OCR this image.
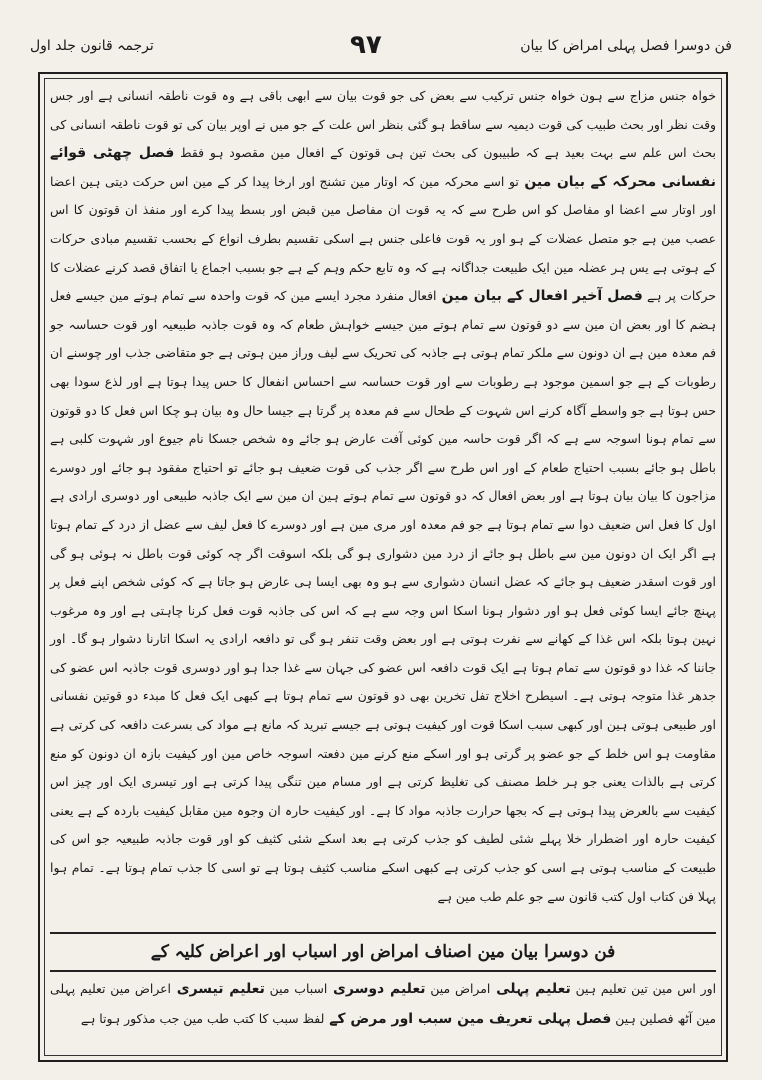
ترجمہ قانون جلد اول	۹۷	فن دوسرا فصل پہلی امراض کا بیان
خواہ جنس مزاج سے ہون خواہ جنس ترکیب سے بعض کی جو قوت بیان سے ابھی باقی ہے وہ قوت ناطقہ انسانی ہے اور جس وقت نظر اور بحث طبیب کی قوت دیمیہ سے ساقط ہو گئی بنظر اس علت کے جو میں نے اوپر بیان کی تو قوت ناطقہ انسانی کی بحث اس علم سے بہت بعید ہے کہ طبیبون کی بحث تین ہی قوتون کے افعال مین مقصود ہو فقط فصل چھٹی قوائے نفسانی محرکہ کے بیان مین تو اسے محرکہ مین کہ اوتار مین تشنج اور ارخا پیدا کر کے مین اس حرکت دیتی ہین اعضا اور اوتار سے اعضا او مفاصل کو اس طرح سے کہ یہ قوت ان مفاصل مین قبض اور بسط پیدا کرے اور منفذ ان قوتون کا اس عصب مین ہے جو متصل عضلات کے ہو اور یہ قوت فاعلی جنس ہے اسکی تقسیم بطرف انواع کے بحسب تقسیم مبادی حرکات کے ہوتی ہے یس ہر عضلہ مین ایک طبیعت جداگانہ ہے کہ وہ تابع حکم وہم کے ہے جو بسبب اجماع یا اتفاق قصد کرنے عضلات کا حرکات پر ہے فصل آخیر افعال کے بیان مین افعال منفرد مجرد ایسے مین کہ قوت واحدہ سے تمام ہوتے مین جیسے فعل ہضم کا اور بعض ان مین سے دو قوتون سے تمام ہوتے مین جیسے خواہش طعام کہ وہ قوت جاذبہ طبیعیہ اور قوت حساسہ جو فم معدہ مین ہے ان دونون سے ملکر تمام ہوتی ہے جاذبہ کی تحریک سے لیف وراز مین ہوتی ہے جو متقاضی جذب اور چوسنے ان رطوبات کے ہے جو اسمین موجود ہے رطوبات سے اور قوت حساسہ سے احساس انفعال کا حس پیدا ہوتا ہے اور لذع سودا بھی حس ہوتا ہے جو واسطے آگاہ کرنے اس شہوت کے طحال سے فم معدہ پر گرتا ہے جیسا حال وہ بیان ہو چکا اس فعل کا دو قوتون سے تمام ہونا اسوجہ سے ہے کہ اگر قوت حاسہ مین کوئی آفت عارض ہو جائے وہ شخص جسکا نام جیوع اور شہوت کلبی ہے باطل ہو جائے بسبب احتیاج طعام کے اور اس طرح سے اگر جذب کی قوت ضعیف ہو جائے تو احتیاج مفقود ہو جائے اور دوسرے مزاجون کا بیان بیان ہوتا ہے اور بعض افعال کہ دو قوتون سے تمام ہوتے ہین ان مین سے ایک جاذبہ طبیعی اور دوسری ارادی ہے اول کا فعل اس ضعیف دوا سے تمام ہوتا ہے جو فم معدہ اور مری مین ہے اور دوسرے کا فعل لیف سے عضل از درد کے تمام ہوتا ہے اگر ایک ان دونون مین سے باطل ہو جائے از درد مین دشواری ہو گی بلکہ اسوقت اگر چہ کوئی قوت باطل نہ ہوئی ہو گی اور قوت اسقدر ضعیف ہو جائے کہ عضل انسان دشواری سے ہو وہ بھی ایسا ہی عارض ہو جاتا ہے کہ کوئی شخص اپنے فعل پر پہنچ جائے ایسا کوئی فعل ہو اور دشوار ہونا اسکا اس وجہ سے ہے کہ اس کی جاذبہ قوت فعل کرنا چاہتی ہے اور وہ مرغوب نہین ہوتا بلکہ اس غذا کے کھانے سے نفرت ہوتی ہے اور بعض وقت تنفر ہو گی تو دافعہ ارادی یہ اسکا اتارنا دشوار ہو گا۔ اور جاننا کہ غذا دو قوتون سے تمام ہوتا ہے ایک قوت دافعہ اس عضو کی جہان سے غذا جدا ہو اور دوسری قوت جاذبہ اس عضو کی جدھر غذا متوجہ ہوتی ہے۔ اسیطرح اخلاج تفل تخرین بھی دو قوتون سے تمام ہوتا ہے کبھی ایک فعل کا مبدء دو قوتین نفسانی اور طبیعی ہوتی ہین اور کبھی سبب اسکا قوت اور کیفیت ہوتی ہے جیسے تبرید کہ مانع ہے مواد کی بسرعت دافعہ کی کرتی ہے مقاومت ہو اس خلط کے جو عضو پر گرتی ہو اور اسکے منع کرنے مین دفعتہ اسوجہ خاص مین اور کیفیت بازہ ان دونون کو منع کرتی ہے بالذات یعنی جو ہر خلط مصنف کی تغلیظ کرتی ہے اور مسام مین تنگی پیدا کرتی ہے اور تیسری ایک اور چیز اس کیفیت سے بالعرض پیدا ہوتی ہے کہ بجھا حرارت جاذبہ مواد کا ہے۔ اور کیفیت حارہ ان وجوہ مین مقابل کیفیت باردہ کے ہے یعنی کیفیت حارہ اور اضطرار خلا پہلے شئی لطیف کو جذب کرتی ہے بعد اسکے شئی کثیف کو اور قوت جاذبہ طبیعیہ جو اس کی طبیعت کے مناسب ہوتی ہے اسی کو جذب کرتی ہے کبھی اسکے مناسب کثیف ہوتا ہے تو اسی کا جذب تمام ہوتا ہے۔ تمام ہوا پہلا فن کتاب اول کتب قانون سے جو علم طب مین ہے
فن دوسرا بیان مین اصناف امراض اور اسباب اور اعراض کلیہ کے
اور اس مین تین تعلیم ہین تعلیم پہلی امراض مین تعلیم دوسری اسباب مین تعلیم تیسری اعراض مین تعلیم پہلی مین آٹھ فصلین ہین فصل پہلی تعریف مین سبب اور مرض کے لفظ سبب کا کتب طب مین جب مذکور ہوتا ہے
